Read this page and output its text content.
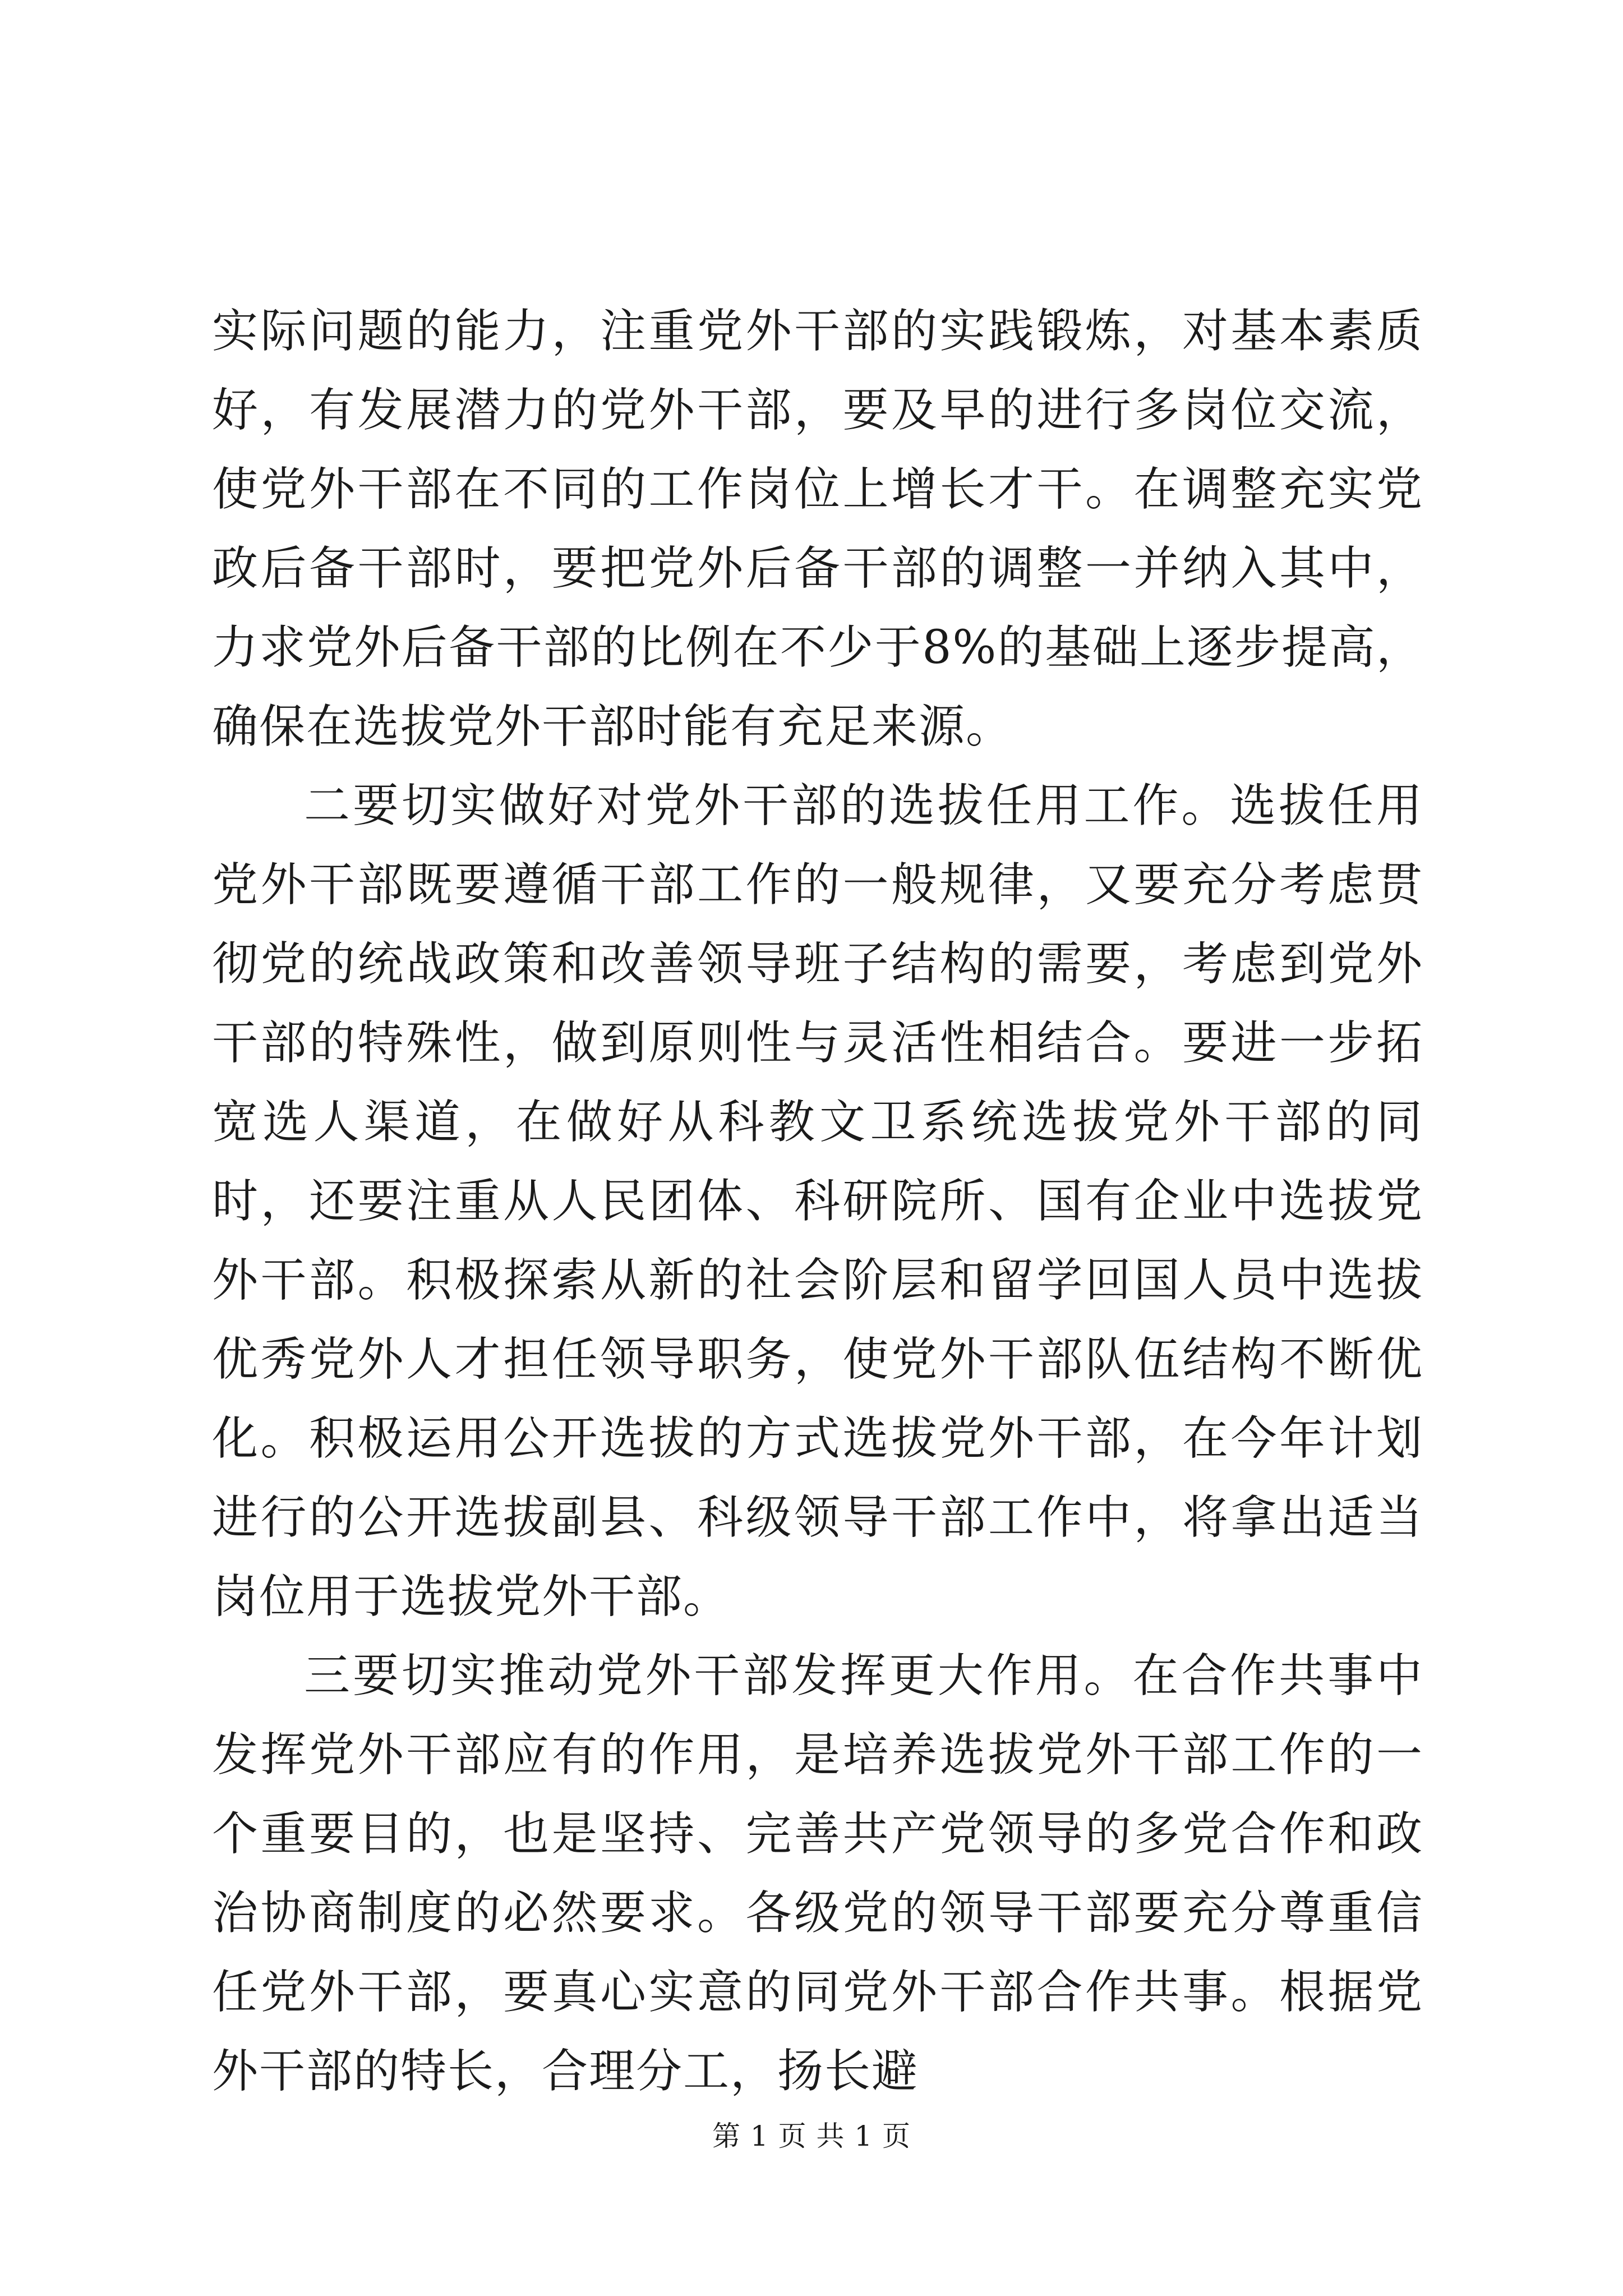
实际问题的能力，注重党外干部的实践锻炼，对基本素质好，有发展潜力的党外干部，要及早的进行多岗位交流，使党外干部在不同的工作岗位上增长才干。在调整充实党政后备干部时，要把党外后备干部的调整一并纳入其中，力求党外后备干部的比例在不少于8%的基础上逐步提高，确保在选拔党外干部时能有充足来源。

二要切实做好对党外干部的选拔任用工作。选拔任用党外干部既要遵循干部工作的一般规律，又要充分考虑贯彻党的统战政策和改善领导班子结构的需要，考虑到党外干部的特殊性，做到原则性与灵活性相结合。要进一步拓宽选人渠道，在做好从科教文卫系统选拔党外干部的同时，还要注重从人民团体、科研院所、国有企业中选拔党外干部。积极探索从新的社会阶层和留学回国人员中选拔优秀党外人才担任领导职务，使党外干部队伍结构不断优化。积极运用公开选拔的方式选拔党外干部，在今年计划进行的公开选拔副县、科级领导干部工作中，将拿出适当岗位用于选拔党外干部。

三要切实推动党外干部发挥更大作用。在合作共事中发挥党外干部应有的作用，是培养选拔党外干部工作的一个重要目的，也是坚持、完善共产党领导的多党合作和政治协商制度的必然要求。各级党的领导干部要充分尊重信任党外干部，要真心实意的同党外干部合作共事。根据党外干部的特长，合理分工，扬长避

第 1 页 共 1 页
